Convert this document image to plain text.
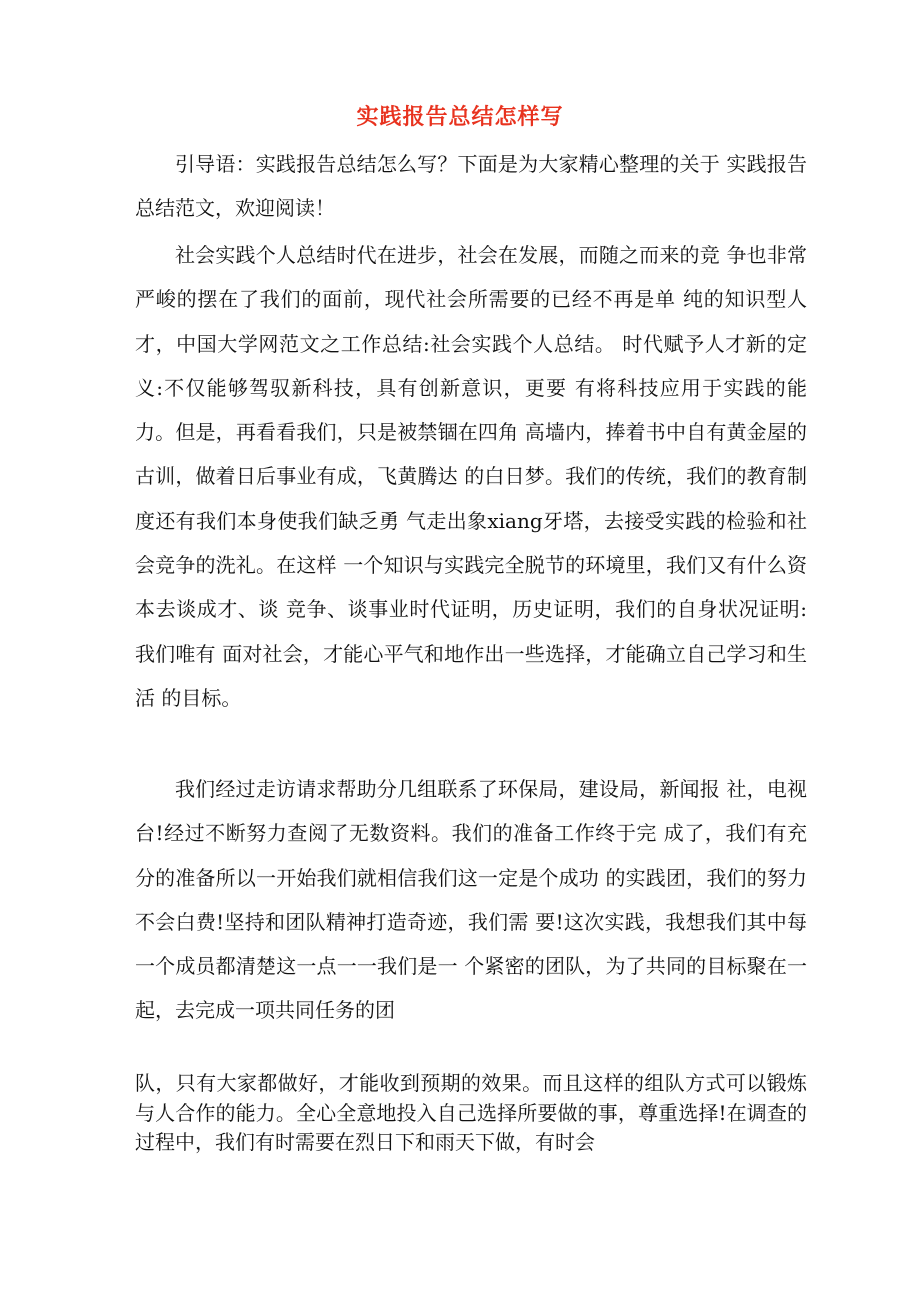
实践报告总结怎样写

引导语：实践报告总结怎么写？下面是为大家精心整理的关于 实践报告总结范文，欢迎阅读！

社会实践个人总结时代在进步，社会在发展，而随之而来的竞 争也非常严峻的摆在了我们的面前，现代社会所需要的已经不再是单 纯的知识型人才，中国大学网范文之工作总结:社会实践个人总结。 时代赋予人才新的定义:不仅能够驾驭新科技，具有创新意识，更要 有将科技应用于实践的能力。但是，再看看我们，只是被禁锢在四角 高墙内，捧着书中自有黄金屋的古训，做着日后事业有成，飞黄腾达 的白日梦。我们的传统，我们的教育制度还有我们本身使我们缺乏勇 气走出象xiang牙塔，去接受实践的检验和社会竞争的洗礼。在这样 一个知识与实践完全脱节的环境里，我们又有什么资本去谈成才、谈 竞争、谈事业时代证明，历史证明，我们的自身状况证明:我们唯有 面对社会，才能心平气和地作出一些选择，才能确立自己学习和生活 的目标。

我们经过走访请求帮助分几组联系了环保局，建设局，新闻报 社，电视台!经过不断努力查阅了无数资料。我们的准备工作终于完 成了，我们有充分的准备所以一开始我们就相信我们这一定是个成功 的实践团，我们的努力不会白费!坚持和团队精神打造奇迹，我们需 要!这次实践，我想我们其中每一个成员都清楚这一点一一我们是一 个紧密的团队，为了共同的目标聚在一起，去完成一项共同任务的团

队，只有大家都做好，才能收到预期的效果。而且这样的组队方式可以锻炼与人合作的能力。全心全意地投入自己选择所要做的事，尊重选择!在调查的过程中，我们有时需要在烈日下和雨天下做，有时会
